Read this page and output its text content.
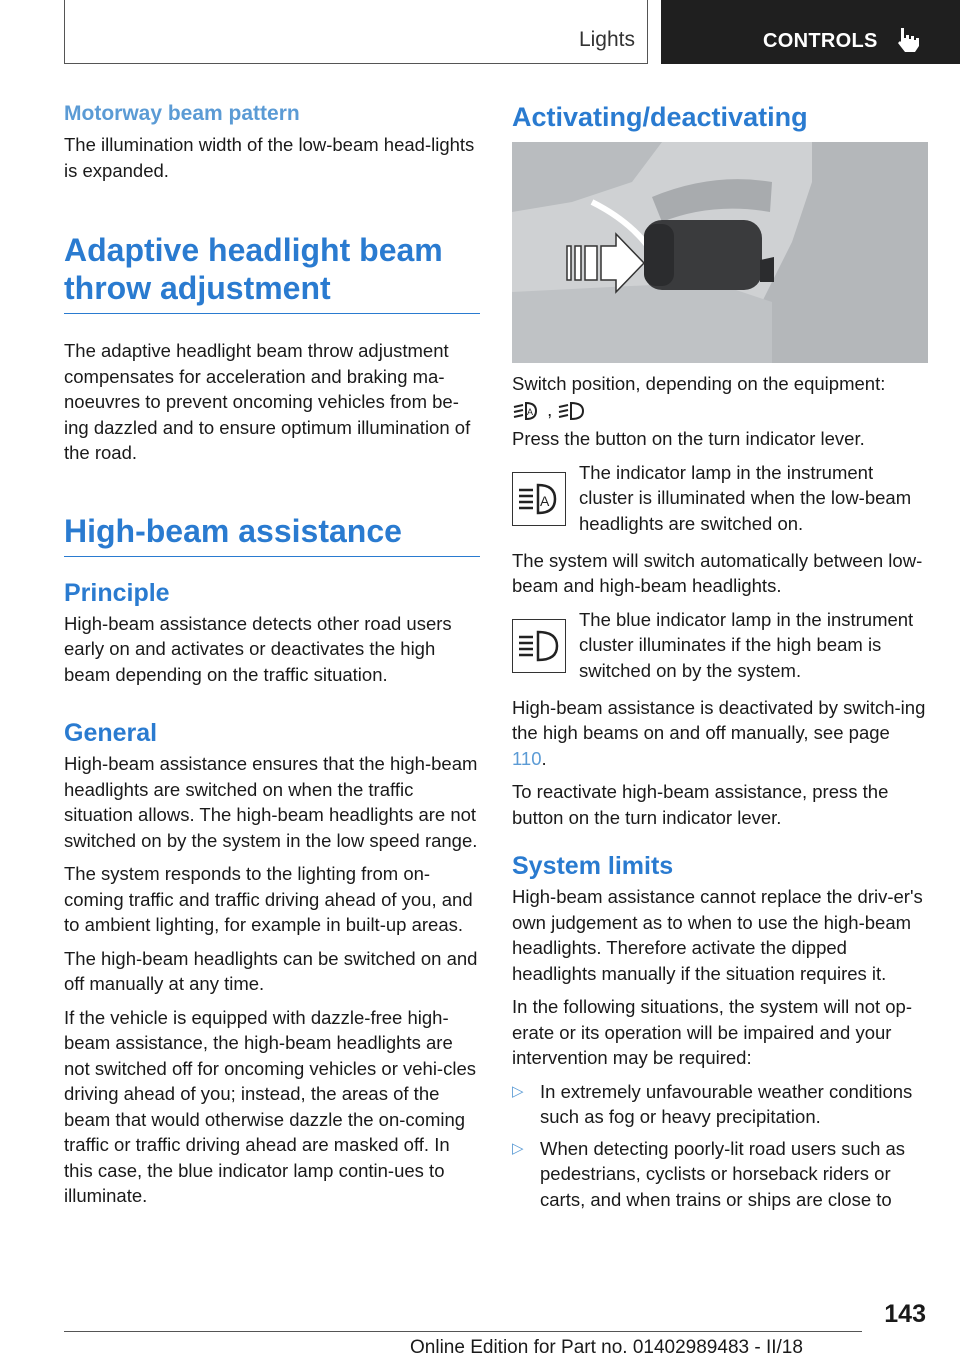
Lights	CONTROLS
Motorway beam pattern

The illumination width of the low-beam head-lights is expanded.

Adaptive headlight beam throw adjustment

The adaptive headlight beam throw adjustment compensates for acceleration and braking ma-noeuvres to prevent oncoming vehicles from be-ing dazzled and to ensure optimum illumination of the road.

High-beam assistance
Principle

High-beam assistance detects other road users early on and activates or deactivates the high beam depending on the traffic situation.

General

High-beam assistance ensures that the high-beam headlights are switched on when the traffic situation allows. The high-beam headlights are not switched on by the system in the low speed range.

The system responds to the lighting from on-coming traffic and traffic driving ahead of you, and to ambient lighting, for example in built-up areas.

The high-beam headlights can be switched on and off manually at any time.

If the vehicle is equipped with dazzle-free high-beam assistance, the high-beam headlights are not switched off for oncoming vehicles or vehi-cles driving ahead of you; instead, the areas of the beam that would otherwise dazzle the on-coming traffic or traffic driving ahead are masked off. In this case, the blue indicator lamp contin-ues to illuminate.

Activating/deactivating

Switch position, depending on the equipment:

A ,

Press the button on the turn indicator lever.

A

The indicator lamp in the instrument cluster is illuminated when the low-beam headlights are switched on.

The system will switch automatically between low-beam and high-beam headlights.

The blue indicator lamp in the instrument cluster illuminates if the high beam is switched on by the system.

High-beam assistance is deactivated by switch-ing the high beams on and off manually, see page 110.

To reactivate high-beam assistance, press the button on the turn indicator lever.

System limits

High-beam assistance cannot replace the driv-er's own judgement as to when to use the high-beam headlights. Therefore activate the dipped headlights manually if the situation requires it.

In the following situations, the system will not op-erate or its operation will be impaired and your intervention may be required:

▷ In extremely unfavourable weather conditions such as fog or heavy precipitation.

▷ When detecting poorly-lit road users such as pedestrians, cyclists or horseback riders or carts, and when trains or ships are close to

143
Online Edition for Part no. 01402989483 - II/18
